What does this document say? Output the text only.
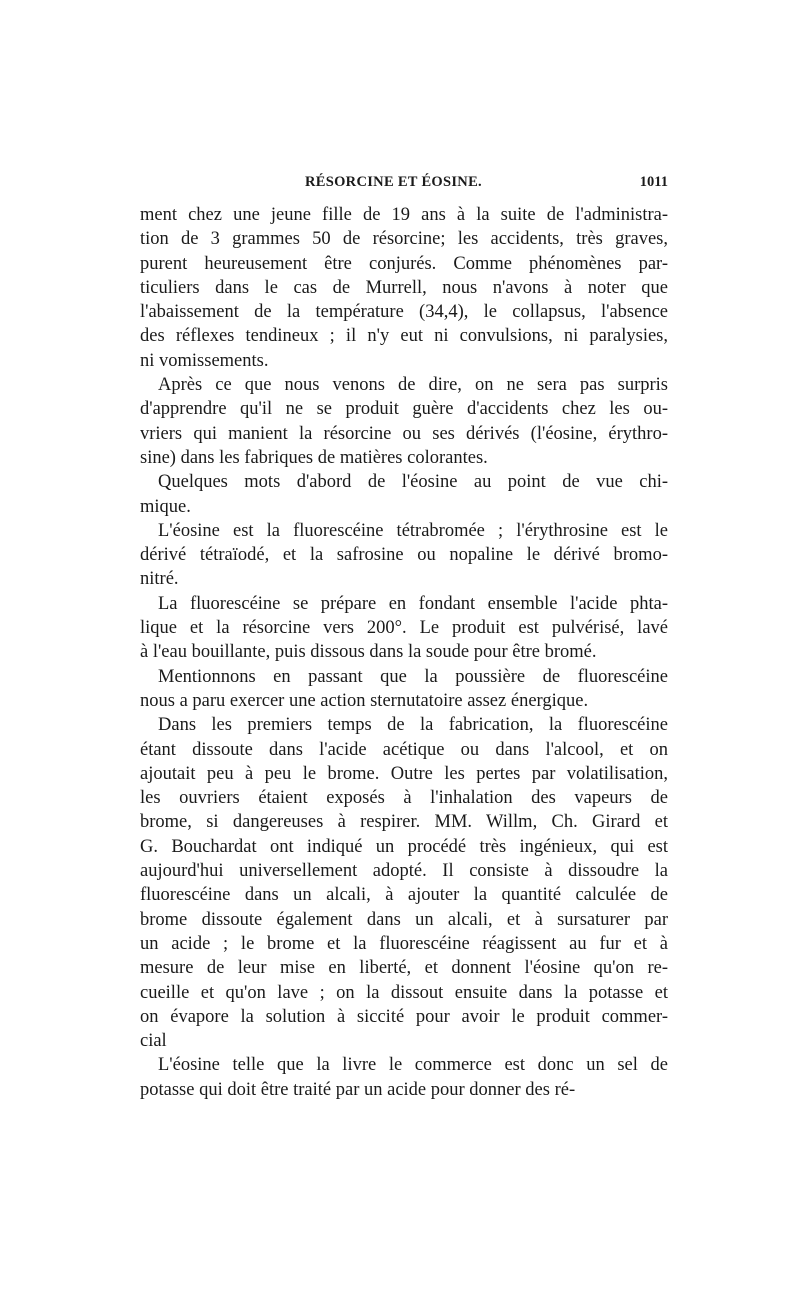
RÉSORCINE ET ÉOSINE.	1011
ment chez une jeune fille de 19 ans à la suite de l'administra-
tion de 3 grammes 50 de résorcine; les accidents, très graves,
purent heureusement être conjurés. Comme phénomènes par-
ticuliers dans le cas de Murrell, nous n'avons à noter que
l'abaissement de la température (34,4), le collapsus, l'absence
des réflexes tendineux ; il n'y eut ni convulsions, ni paralysies,
ni vomissements.
Après ce que nous venons de dire, on ne sera pas surpris
d'apprendre qu'il ne se produit guère d'accidents chez les ou-
vriers qui manient la résorcine ou ses dérivés (l'éosine, érythro-
sine) dans les fabriques de matières colorantes.
Quelques mots d'abord de l'éosine au point de vue chi-
mique.
L'éosine est la fluorescéine tétrabromée ; l'érythrosine est le
dérivé tétraïodé, et la safrosine ou nopaline le dérivé bromo-
nitré.
La fluorescéine se prépare en fondant ensemble l'acide phta-
lique et la résorcine vers 200°. Le produit est pulvérisé, lavé
à l'eau bouillante, puis dissous dans la soude pour être bromé.
Mentionnons en passant que la poussière de fluorescéine
nous a paru exercer une action sternutatoire assez énergique.
Dans les premiers temps de la fabrication, la fluorescéine
étant dissoute dans l'acide acétique ou dans l'alcool, et on
ajoutait peu à peu le brome. Outre les pertes par volatilisation,
les ouvriers étaient exposés à l'inhalation des vapeurs de
brome, si dangereuses à respirer. MM. Willm, Ch. Girard et
G. Bouchardat ont indiqué un procédé très ingénieux, qui est
aujourd'hui universellement adopté. Il consiste à dissoudre la
fluorescéine dans un alcali, à ajouter la quantité calculée de
brome dissoute également dans un alcali, et à sursaturer par
un acide ; le brome et la fluorescéine réagissent au fur et à
mesure de leur mise en liberté, et donnent l'éosine qu'on re-
cueille et qu'on lave ; on la dissout ensuite dans la potasse et
on évapore la solution à siccité pour avoir le produit commer-
cial
L'éosine telle que la livre le commerce est donc un sel de
potasse qui doit être traité par un acide pour donner des ré-
